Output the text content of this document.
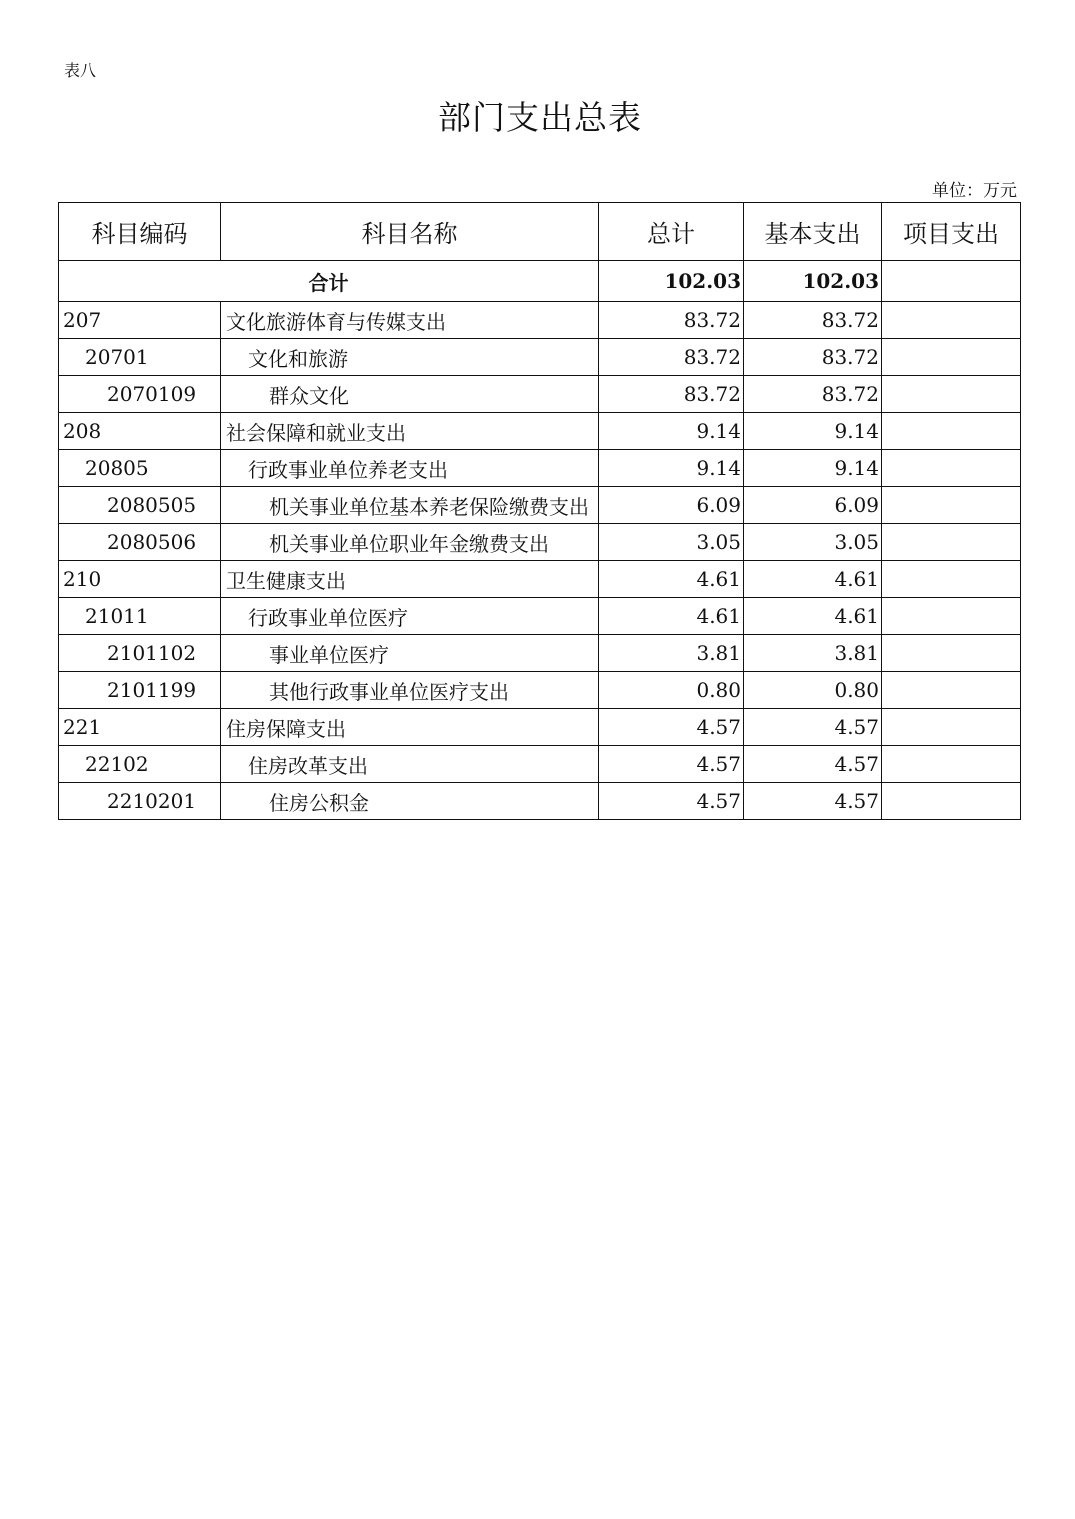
表八
部门支出总表
单位：万元
科目编码	科目名称	总计	基本支出	项目支出
合计		102.03	102.03	
207	文化旅游体育与传媒支出	83.72	83.72	
20701	文化和旅游	83.72	83.72	
2070109	群众文化	83.72	83.72	
208	社会保障和就业支出	9.14	9.14	
20805	行政事业单位养老支出	9.14	9.14	
2080505	机关事业单位基本养老保险缴费支出	6.09	6.09	
2080506	机关事业单位职业年金缴费支出	3.05	3.05	
210	卫生健康支出	4.61	4.61	
21011	行政事业单位医疗	4.61	4.61	
2101102	事业单位医疗	3.81	3.81	
2101199	其他行政事业单位医疗支出	0.80	0.80	
221	住房保障支出	4.57	4.57	
22102	住房改革支出	4.57	4.57	
2210201	住房公积金	4.57	4.57	
